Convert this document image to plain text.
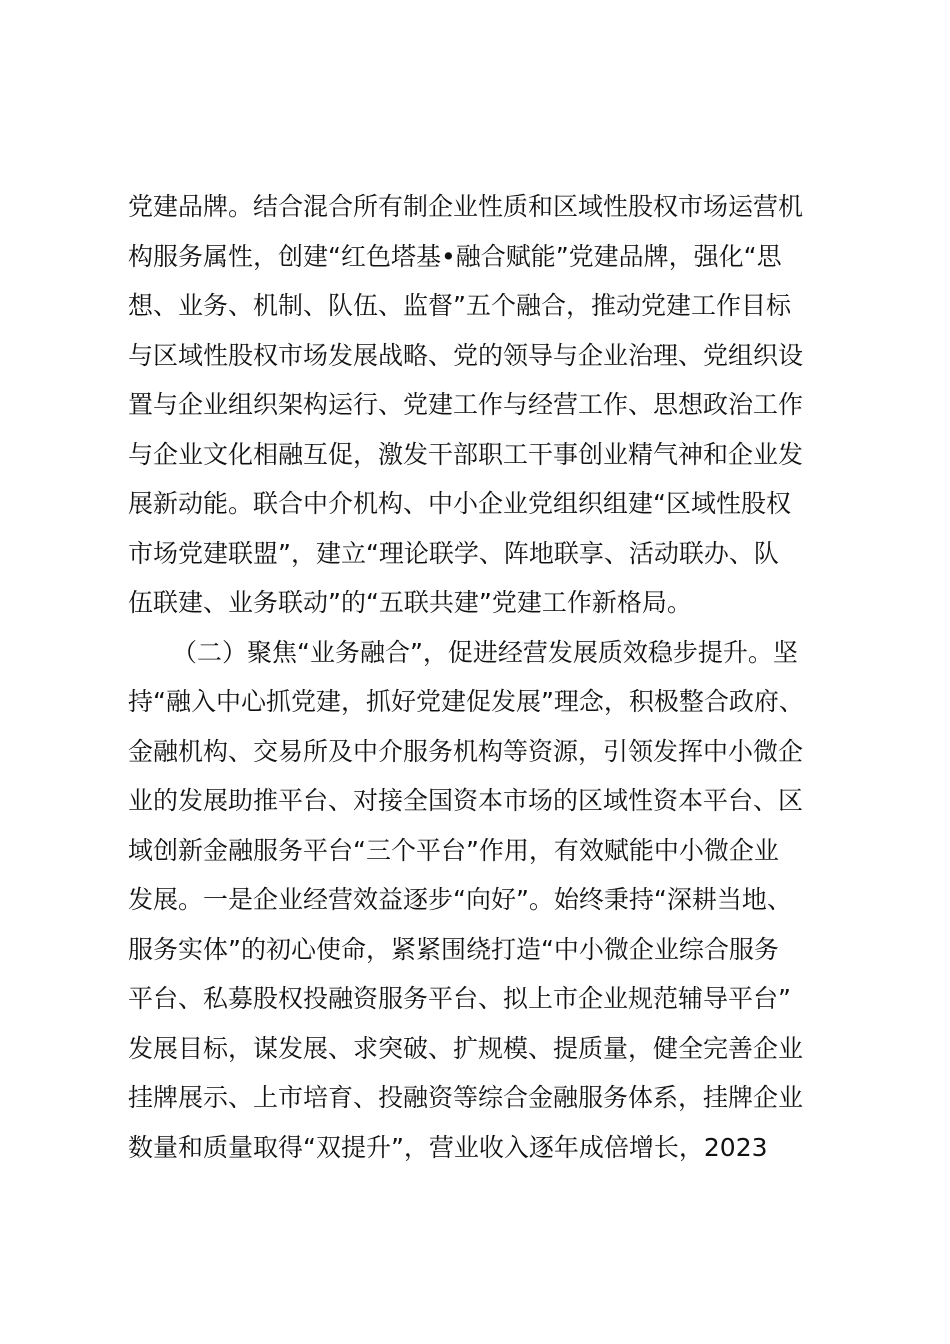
党建品牌。结合混合所有制企业性质和区域性股权市场运营机
构服务属性，创建“红色塔基•融合赋能”党建品牌，强化“思
想、业务、机制、队伍、监督”五个融合，推动党建工作目标
与区域性股权市场发展战略、党的领导与企业治理、党组织设
置与企业组织架构运行、党建工作与经营工作、思想政治工作
与企业文化相融互促，激发干部职工干事创业精气神和企业发
展新动能。联合中介机构、中小企业党组织组建“区域性股权
市场党建联盟”，建立“理论联学、阵地联享、活动联办、队
伍联建、业务联动”的“五联共建”党建工作新格局。
（二）聚焦“业务融合”，促进经营发展质效稳步提升。坚
持“融入中心抓党建，抓好党建促发展”理念，积极整合政府、
金融机构、交易所及中介服务机构等资源，引领发挥中小微企
业的发展助推平台、对接全国资本市场的区域性资本平台、区
域创新金融服务平台“三个平台”作用，有效赋能中小微企业
发展。一是企业经营效益逐步“向好”。始终秉持“深耕当地、
服务实体”的初心使命，紧紧围绕打造“中小微企业综合服务
平台、私募股权投融资服务平台、拟上市企业规范辅导平台”
发展目标，谋发展、求突破、扩规模、提质量，健全完善企业
挂牌展示、上市培育、投融资等综合金融服务体系，挂牌企业
数量和质量取得“双提升”，营业收入逐年成倍增长，2023
